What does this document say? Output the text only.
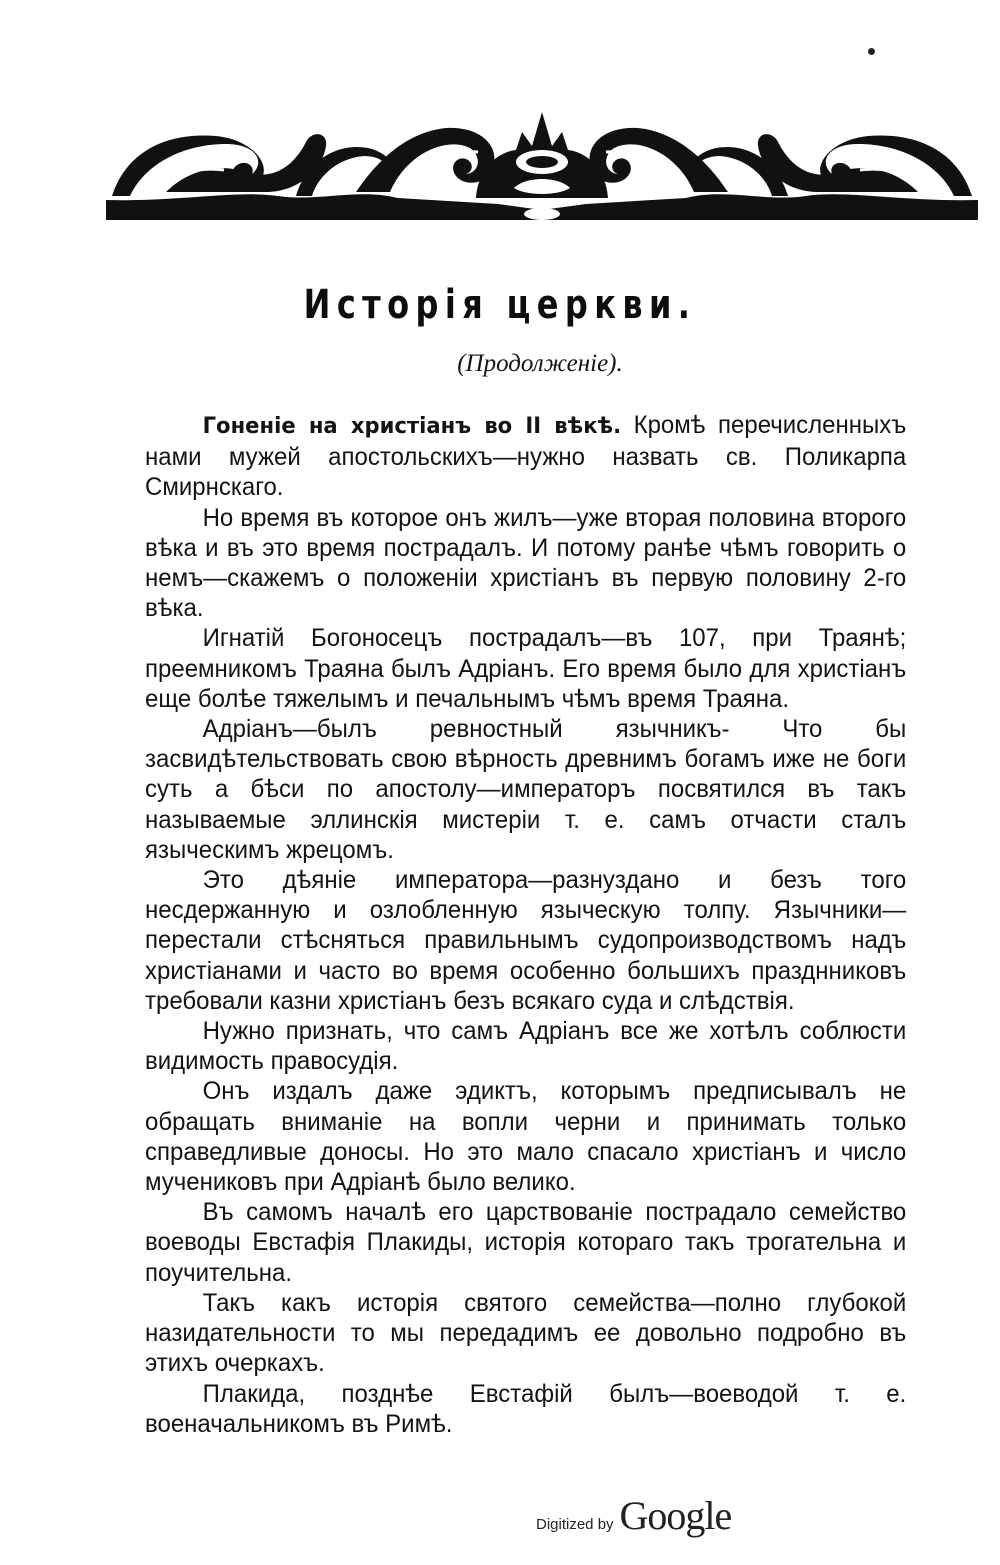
Исторія церкви.
(Продолженіе).

Гоненіе на христіанъ во II вѣкѣ. Кромѣ перечисленныхъ нами мужей апостольскихъ—нужно назвать св. Поликарпа Смирнскаго.

Но время въ которое онъ жилъ—уже вторая половина второго вѣка и въ это время пострадалъ. И потому ранѣе чѣмъ говорить о немъ—скажемъ о положеніи христіанъ въ первую половину 2-го вѣка.

Игнатій Богоносецъ пострадалъ—въ 107, при Траянѣ; преемникомъ Траяна былъ Адріанъ. Его время было для христіанъ еще болѣе тяжелымъ и печальнымъ чѣмъ время Траяна.

Адріанъ—былъ ревностный язычникъ- Что бы засвидѣтельствовать свою вѣрность древнимъ богамъ иже не боги суть а бѣси по апостолу—императоръ посвятился въ такъ называемые эллинскія мистеріи т. е. самъ отчасти сталъ языческимъ жрецомъ.

Это дѣяніе императора—разнуздано и безъ того несдержанную и озлобленную языческую толпу. Язычники—перестали стѣсняться правильнымъ судопроизводствомъ надъ христіанами и часто во время особенно большихъ празднниковъ требовали казни христіанъ безъ всякаго суда и слѣдствія.

Нужно признать, что самъ Адріанъ все же хотѣлъ соблюсти видимость правосудія.

Онъ издалъ даже эдиктъ, которымъ предписывалъ не обращать вниманіе на вопли черни и принимать только справедливые доносы. Но это мало спасало христіанъ и число мучениковъ при Адріанѣ было велико.

Въ самомъ началѣ его царствованіе пострадало семейство воеводы Евстафія Плакиды, исторія котораго такъ трогательна и поучительна.

Такъ какъ исторія святого семейства—полно глубокой назидательности то мы передадимъ ее довольно подробно въ этихъ очеркахъ.

Плакида, позднѣе Евстафій былъ—воеводой т. е. военачальникомъ въ Римѣ.

Digitized by Google
